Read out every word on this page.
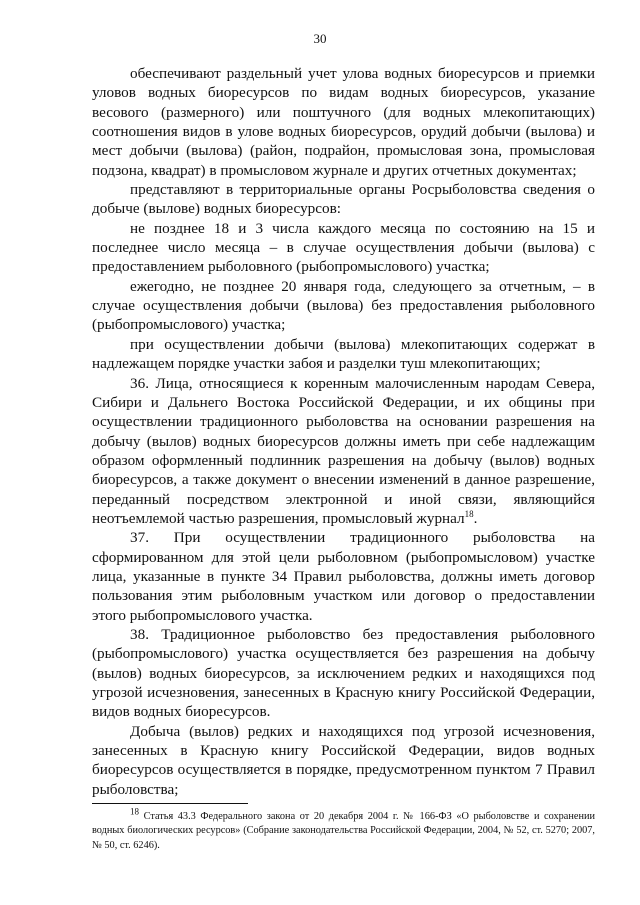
30

обеспечивают раздельный учет улова водных биоресурсов и приемки уловов водных биоресурсов по видам водных биоресурсов, указание весового (размерного) или поштучного (для водных млекопитающих) соотношения видов в улове водных биоресурсов, орудий добычи (вылова) и мест добычи (вылова) (район, подрайон, промысловая зона, промысловая подзона, квадрат) в промысловом журнале и других отчетных документах;

представляют в территориальные органы Росрыболовства сведения о добыче (вылове) водных биоресурсов:

не позднее 18 и 3 числа каждого месяца по состоянию на 15 и последнее число месяца – в случае осуществления добычи (вылова) с предоставлением рыболовного (рыбопромыслового) участка;

ежегодно, не позднее 20 января года, следующего за отчетным, – в случае осуществления добычи (вылова) без предоставления рыболовного (рыбопромыслового) участка;

при осуществлении добычи (вылова) млекопитающих содержат в надлежащем порядке участки забоя и разделки туш млекопитающих;

36. Лица, относящиеся к коренным малочисленным народам Севера, Сибири и Дальнего Востока Российской Федерации, и их общины при осуществлении традиционного рыболовства на основании разрешения на добычу (вылов) водных биоресурсов должны иметь при себе надлежащим образом оформленный подлинник разрешения на добычу (вылов) водных биоресурсов, а также документ о внесении изменений в данное разрешение, переданный посредством электронной и иной связи, являющийся неотъемлемой частью разрешения, промысловый журнал$^{18}$.

37. При осуществлении традиционного рыболовства на сформированном для этой цели рыболовном (рыбопромысловом) участке лица, указанные в пункте 34 Правил рыболовства, должны иметь договор пользования этим рыболовным участком или договор о предоставлении этого рыбопромыслового участка.

38. Традиционное рыболовство без предоставления рыболовного (рыбопромыслового) участка осуществляется без разрешения на добычу (вылов) водных биоресурсов, за исключением редких и находящихся под угрозой исчезновения, занесенных в Красную книгу Российской Федерации, видов водных биоресурсов.

Добыча (вылов) редких и находящихся под угрозой исчезновения, занесенных в Красную книгу Российской Федерации, видов водных биоресурсов осуществляется в порядке, предусмотренном пунктом 7 Правил рыболовства;

$^{18}$ Статья 43.3 Федерального закона от 20 декабря 2004 г. № 166-ФЗ «О рыболовстве и сохранении водных биологических ресурсов» (Собрание законодательства Российской Федерации, 2004, № 52, ст. 5270; 2007, № 50, ст. 6246).
